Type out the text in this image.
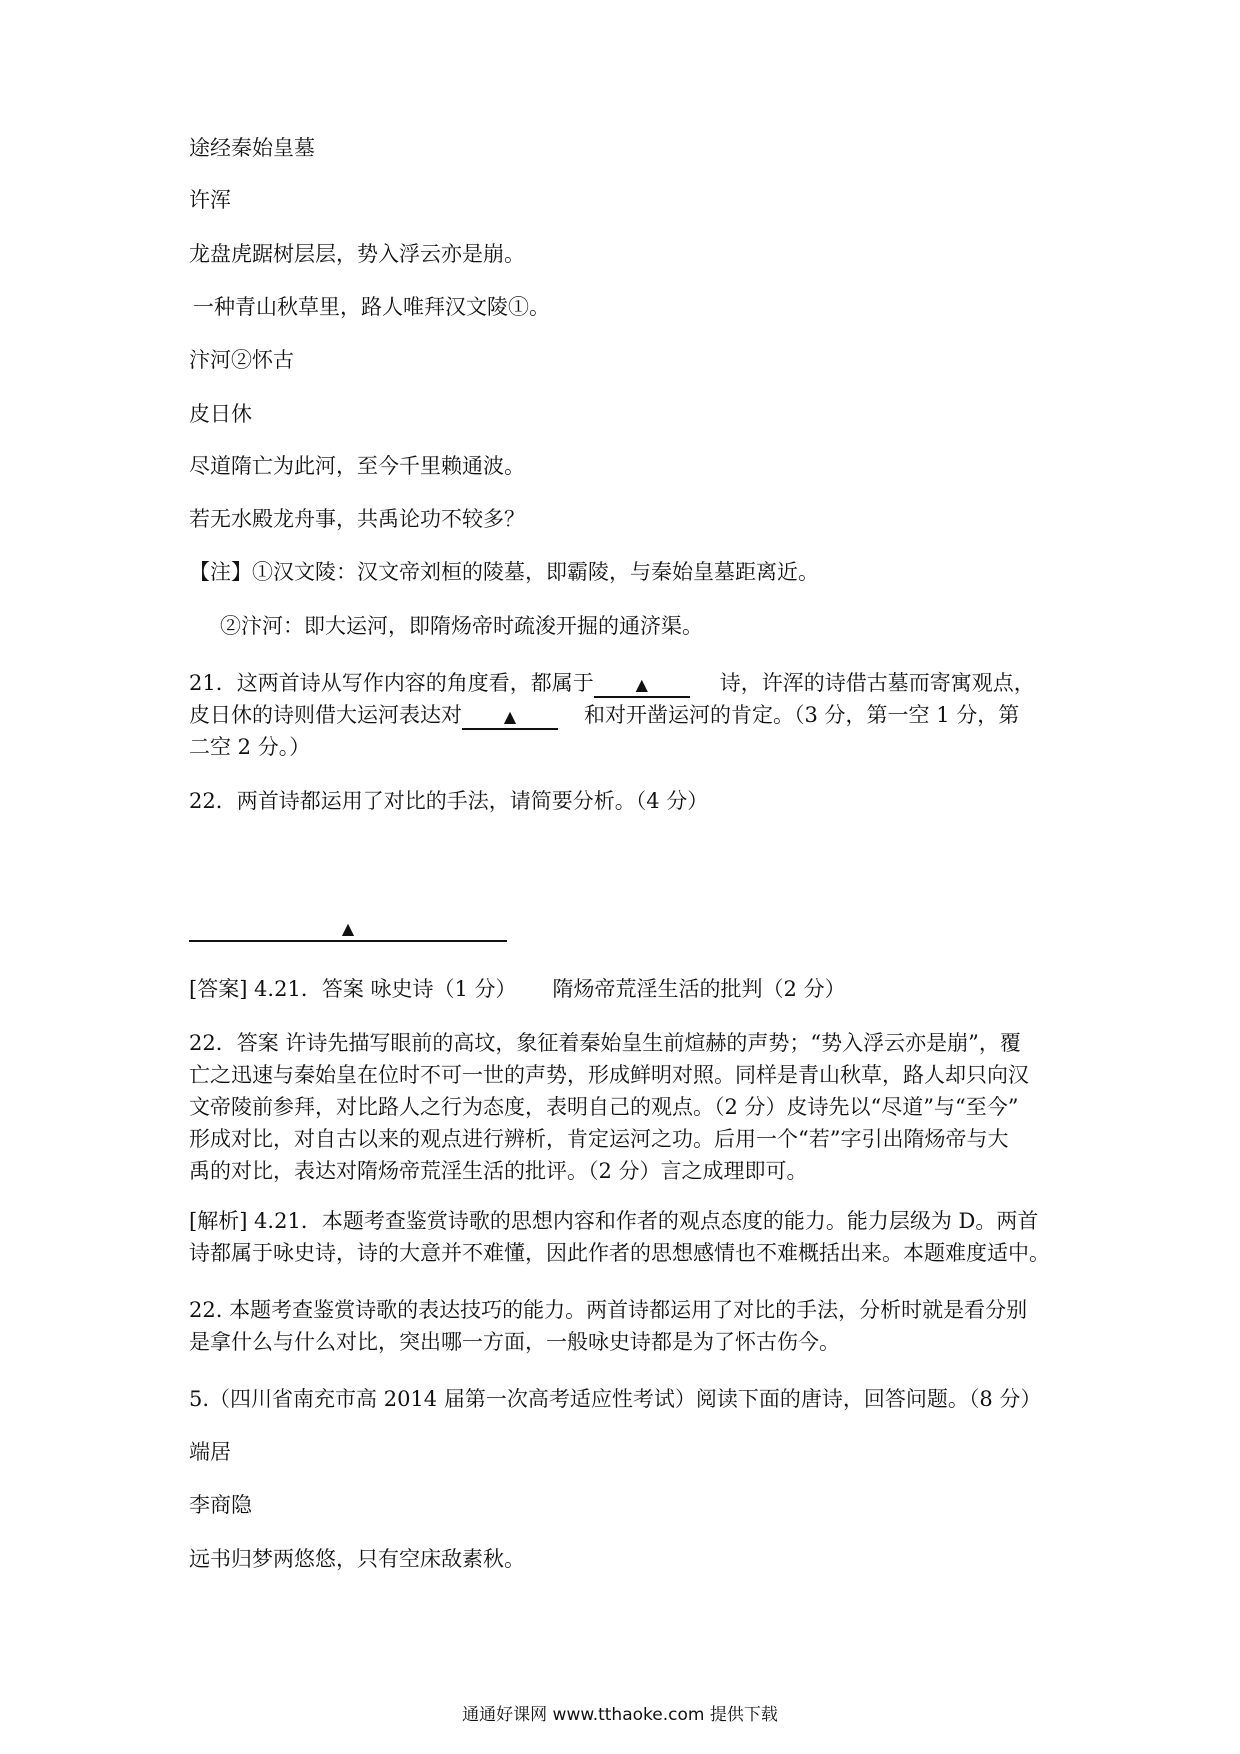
途经秦始皇墓
许浑
龙盘虎踞树层层，势入浮云亦是崩。
一种青山秋草里，路人唯拜汉文陵①。
汴河②怀古
皮日休
尽道隋亡为此河，至今千里赖通波。
若无水殿龙舟事，共禹论功不较多？
【注】①汉文陵：汉文帝刘桓的陵墓，即霸陵，与秦始皇墓距离近。
②汴河：即大运河，即隋炀帝时疏浚开掘的通济渠。
21．这两首诗从写作内容的角度看，都属于	▲	诗，许浑的诗借古墓而寄寓观点，
皮日休的诗则借大运河表达对	▲	和对开凿运河的肯定。（3 分，第一空 1 分，第
二空 2 分。）
22．两首诗都运用了对比的手法，请简要分析。（4 分）
▲
[答案] 4.21．答案 咏史诗（1 分） 隋炀帝荒淫生活的批判（2 分）
22．答案 许诗先描写眼前的高坟，象征着秦始皇生前煊赫的声势；“势入浮云亦是崩”，覆
亡之迅速与秦始皇在位时不可一世的声势，形成鲜明对照。同样是青山秋草，路人却只向汉
文帝陵前参拜，对比路人之行为态度，表明自己的观点。（2 分）皮诗先以“尽道”与“至今”
形成对比，对自古以来的观点进行辨析，肯定运河之功。后用一个“若”字引出隋炀帝与大
禹的对比，表达对隋炀帝荒淫生活的批评。（2 分）言之成理即可。
[解析] 4.21．本题考查鉴赏诗歌的思想内容和作者的观点态度的能力。能力层级为 D。两首
诗都属于咏史诗，诗的大意并不难懂，因此作者的思想感情也不难概括出来。本题难度适中。
22. 本题考查鉴赏诗歌的表达技巧的能力。两首诗都运用了对比的手法，分析时就是看分别
是拿什么与什么对比，突出哪一方面，一般咏史诗都是为了怀古伤今。
5.（四川省南充市高 2014 届第一次高考适应性考试）阅读下面的唐诗，回答问题。（8 分）
端居
李商隐
远书归梦两悠悠，只有空床敌素秋。
通通好课网 www.tthaoke.com 提供下载
